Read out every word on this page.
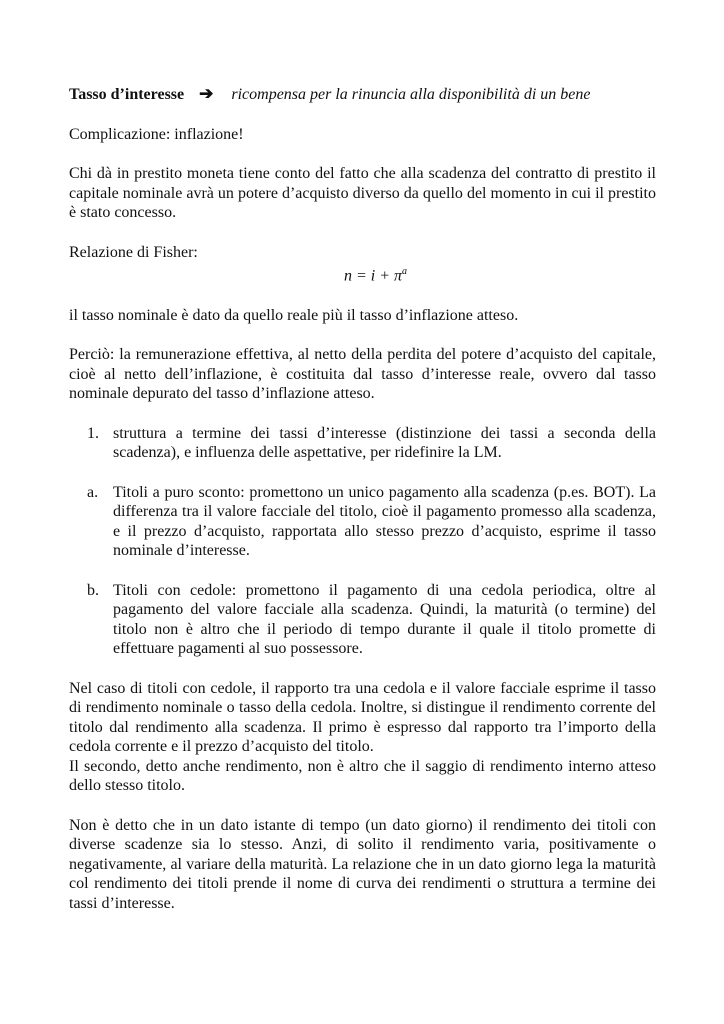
Tasso d’interesse ➔ ricompensa per la rinuncia alla disponibilità di un bene

Complicazione: inflazione!

Chi dà in prestito moneta tiene conto del fatto che alla scadenza del contratto di prestito il capitale nominale avrà un potere d’acquisto diverso da quello del momento in cui il prestito è stato concesso.

Relazione di Fisher:

$n = i + \pi^a$

il tasso nominale è dato da quello reale più il tasso d’inflazione atteso.

Perciò: la remunerazione effettiva, al netto della perdita del potere d’acquisto del capitale, cioè al netto dell’inflazione, è costituita dal tasso d’interesse reale, ovvero dal tasso nominale depurato del tasso d’inflazione atteso.

1. struttura a termine dei tassi d’interesse (distinzione dei tassi a seconda della scadenza), e influenza delle aspettative, per ridefinire la LM.
a. Titoli a puro sconto: promettono un unico pagamento alla scadenza (p.es. BOT). La differenza tra il valore facciale del titolo, cioè il pagamento promesso alla scadenza, e il prezzo d’acquisto, rapportata allo stesso prezzo d’acquisto, esprime il tasso nominale d’interesse.
b. Titoli con cedole: promettono il pagamento di una cedola periodica, oltre al pagamento del valore facciale alla scadenza. Quindi, la maturità (o termine) del titolo non è altro che il periodo di tempo durante il quale il titolo promette di effettuare pagamenti al suo possessore.

Nel caso di titoli con cedole, il rapporto tra una cedola e il valore facciale esprime il tasso di rendimento nominale o tasso della cedola. Inoltre, si distingue il rendimento corrente del titolo dal rendimento alla scadenza. Il primo è espresso dal rapporto tra l’importo della cedola corrente e il prezzo d’acquisto del titolo.

Il secondo, detto anche rendimento, non è altro che il saggio di rendimento interno atteso dello stesso titolo.

Non è detto che in un dato istante di tempo (un dato giorno) il rendimento dei titoli con diverse scadenze sia lo stesso. Anzi, di solito il rendimento varia, positivamente o negativamente, al variare della maturità. La relazione che in un dato giorno lega la maturità col rendimento dei titoli prende il nome di curva dei rendimenti o struttura a termine dei tassi d’interesse.
